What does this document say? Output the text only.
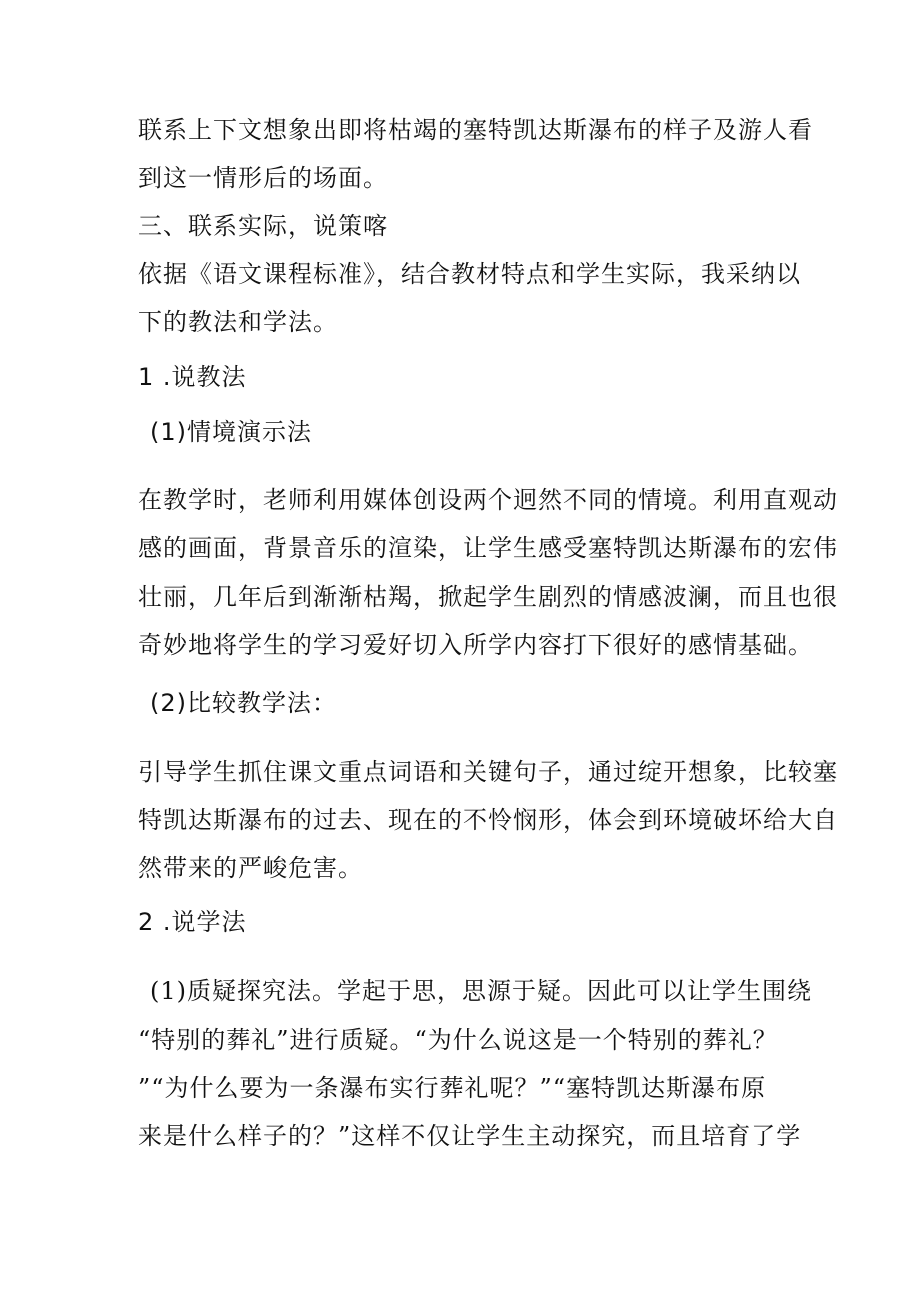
联系上下文想象出即将枯竭的塞特凯达斯瀑布的样子及游人看
到这一情形后的场面。
三、联系实际，说策喀
依据《语文课程标准》，结合教材特点和学生实际，我采纳以
下的教法和学法。
1 .说教法
(1)情境演示法
在教学时，老师利用媒体创设两个迥然不同的情境。利用直观动
感的画面，背景音乐的渲染，让学生感受塞特凯达斯瀑布的宏伟
壮丽，几年后到渐渐枯羯，掀起学生剧烈的情感波澜，而且也很
奇妙地将学生的学习爱好切入所学内容打下很好的感情基础。
(2)比较教学法：
引导学生抓住课文重点词语和关键句子，通过绽开想象，比较塞
特凯达斯瀑布的过去、现在的不怜悯形，体会到环境破坏给大自
然带来的严峻危害。
2 .说学法
(1)质疑探究法。学起于思，思源于疑。因此可以让学生围绕
“特别的葬礼”进行质疑。“为什么说这是一个特别的葬礼？
”“为什么要为一条瀑布实行葬礼呢？”“塞特凯达斯瀑布原
来是什么样子的？”这样不仅让学生主动探究，而且培育了学
